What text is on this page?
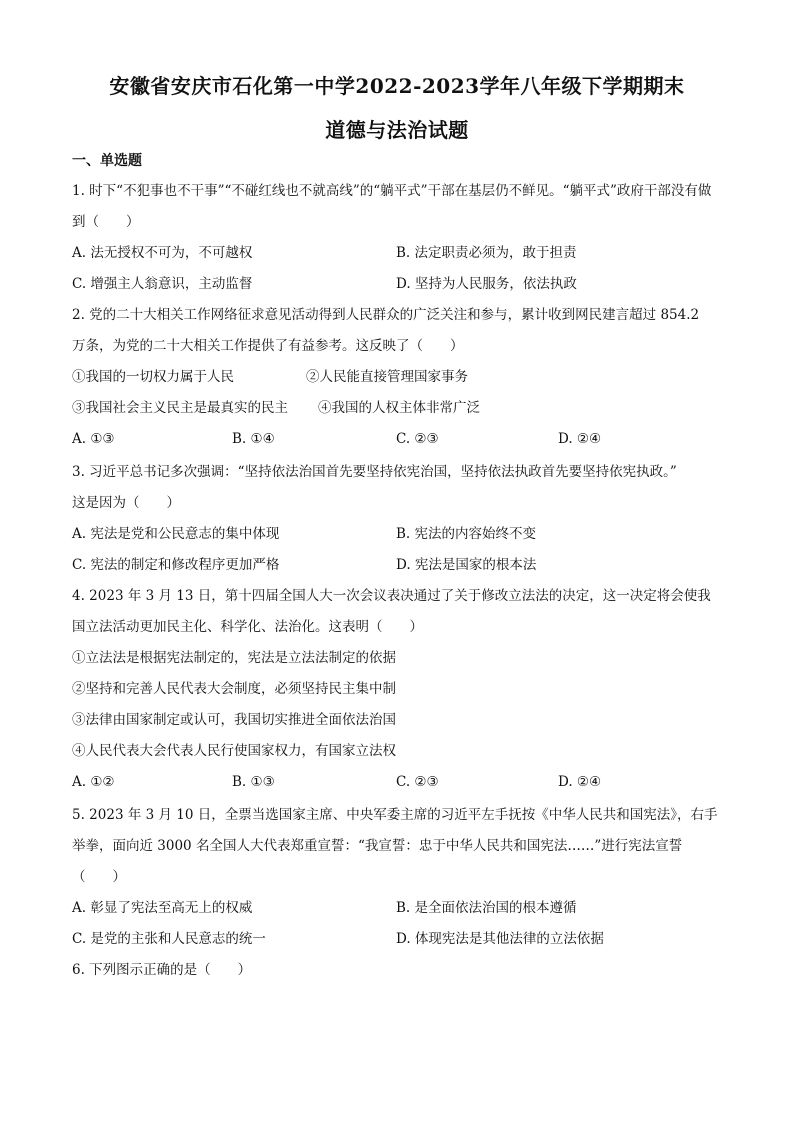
安徽省安庆市石化第一中学2022-2023学年八年级下学期期末
道德与法治试题
一、单选题
1. 时下“不犯事也不干事”“不碰红线也不就高线”的“躺平式”干部在基层仍不鲜见。“躺平式”政府干部没有做
到（　　）
A. 法无授权不可为，不可越权	B. 法定职责必须为，敢于担责
C. 增强主人翁意识，主动监督	D. 坚持为人民服务，依法执政
2. 党的二十大相关工作网络征求意见活动得到人民群众的广泛关注和参与，累计收到网民建言超过 854.2
万条，为党的二十大相关工作提供了有益参考。这反映了（　　）
①我国的一切权力属于人民	②人民能直接管理国家事务
③我国社会主义民主是最真实的民主 ④我国的人权主体非常广泛
A. ①③	B. ①④	C. ②③	D. ②④
3. 习近平总书记多次强调：“坚持依法治国首先要坚持依宪治国，坚持依法执政首先要坚持依宪执政。”
这是因为（　　）
A. 宪法是党和公民意志的集中体现	B. 宪法的内容始终不变
C. 宪法的制定和修改程序更加严格	D. 宪法是国家的根本法
4. 2023 年 3 月 13 日，第十四届全国人大一次会议表决通过了关于修改立法法的决定，这一决定将会使我
国立法活动更加民主化、科学化、法治化。这表明（　　）
①立法法是根据宪法制定的，宪法是立法法制定的依据
②坚持和完善人民代表大会制度，必须坚持民主集中制
③法律由国家制定或认可，我国切实推进全面依法治国
④人民代表大会代表人民行使国家权力，有国家立法权
A. ①②	B. ①③	C. ②③	D. ②④
5. 2023 年 3 月 10 日，全票当选国家主席、中央军委主席的习近平左手抚按《中华人民共和国宪法》，右手
举拳，面向近 3000 名全国人大代表郑重宣誓：“我宣誓：忠于中华人民共和国宪法……”进行宪法宣誓
（　　）
A. 彰显了宪法至高无上的权威	B. 是全面依法治国的根本遵循
C. 是党的主张和人民意志的统一	D. 体现宪法是其他法律的立法依据
6. 下列图示正确的是（　　）
